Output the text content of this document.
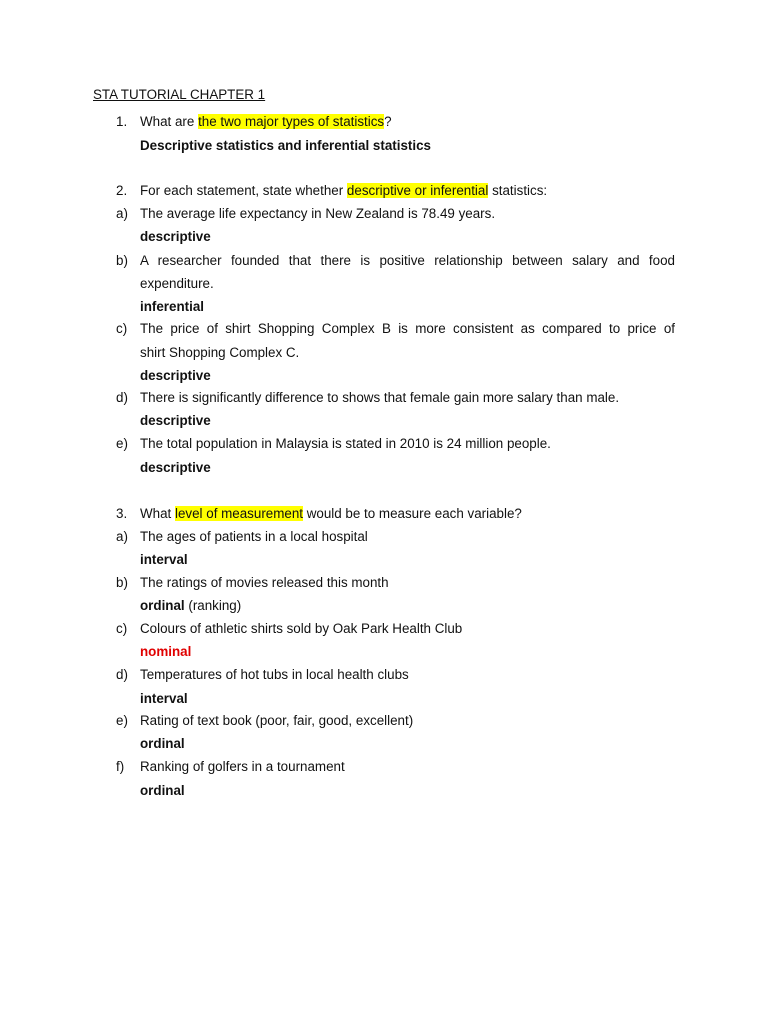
STA TUTORIAL CHAPTER 1
1. What are the two major types of statistics?
Descriptive statistics and inferential statistics
2. For each statement, state whether descriptive or inferential statistics:
a) The average life expectancy in New Zealand is 78.49 years.
descriptive
b) A researcher founded that there is positive relationship between salary and food
expenditure.
inferential
c) The price of shirt Shopping Complex B is more consistent as compared to price of
shirt Shopping Complex C.
descriptive
d) There is significantly difference to shows that female gain more salary than male.
descriptive
e) The total population in Malaysia is stated in 2010 is 24 million people.
descriptive
3. What level of measurement would be to measure each variable?
a) The ages of patients in a local hospital
interval
b) The ratings of movies released this month
ordinal (ranking)
c) Colours of athletic shirts sold by Oak Park Health Club
nominal
d) Temperatures of hot tubs in local health clubs
interval
e) Rating of text book (poor, fair, good, excellent)
ordinal
f) Ranking of golfers in a tournament
ordinal
